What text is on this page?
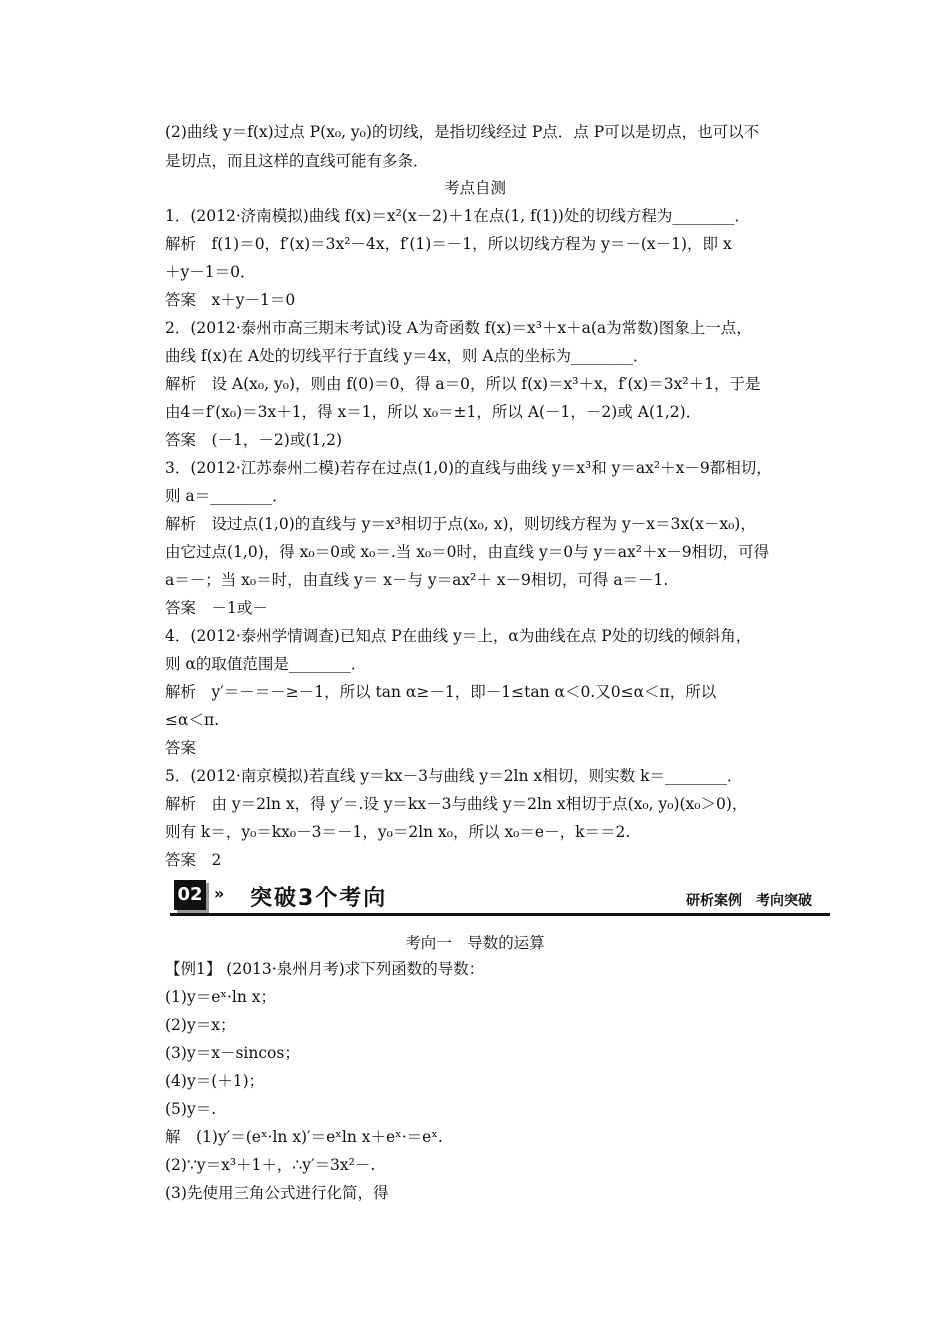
(2)曲线 y＝f(x)过点 P(x₀, y₀)的切线，是指切线经过 P点．点 P可以是切点，也可以不
是切点，而且这样的直线可能有多条．
考点自测
1．(2012·济南模拟)曲线 f(x)＝x²(x－2)＋1在点(1, f(1))处的切线方程为________．
解析　f(1)＝0，f′(x)＝3x²－4x，f′(1)＝－1，所以切线方程为 y＝－(x－1)，即 x
＋y－1＝0．
答案　x＋y－1＝0
2．(2012·泰州市高三期末考试)设 A为奇函数 f(x)＝x³＋x＋a(a为常数)图象上一点，
曲线 f(x)在 A处的切线平行于直线 y＝4x，则 A点的坐标为________．
解析　设 A(x₀, y₀)，则由 f(0)＝0，得 a＝0，所以 f(x)＝x³＋x，f′(x)＝3x²＋1，于是
由4＝f′(x₀)＝3x＋1，得 x＝1，所以 x₀＝±1，所以 A(－1，－2)或 A(1,2)．
答案　(－1，－2)或(1,2)
3．(2012·江苏泰州二模)若存在过点(1,0)的直线与曲线 y＝x³和 y＝ax²＋x－9都相切，
则 a＝________．
解析　设过点(1,0)的直线与 y＝x³相切于点(x₀, x)，则切线方程为 y－x＝3x(x－x₀)，
由它过点(1,0)，得 x₀＝0或 x₀＝.当 x₀＝0时，由直线 y＝0与 y＝ax²＋x－9相切，可得
a＝－；当 x₀＝时，由直线 y＝ x－与 y＝ax²＋ x－9相切，可得 a＝－1.
答案　－1或－
4．(2012·泰州学情调查)已知点 P在曲线 y＝上，α为曲线在点 P处的切线的倾斜角，
则 α的取值范围是________．
解析　y′＝－＝－≥－1，所以 tan α≥－1，即－1≤tan α＜0.又0≤α＜π，所以
≤α＜π.
答案
5．(2012·南京模拟)若直线 y＝kx－3与曲线 y＝2ln x相切，则实数 k＝________．
解析　由 y＝2ln x，得 y′＝.设 y＝kx－3与曲线 y＝2ln x相切于点(x₀, y₀)(x₀＞0)，
则有 k＝，y₀＝kx₀－3＝－1，y₀＝2ln x₀，所以 x₀＝e－，k＝＝2.
答案　2
02 » 突破3个考向	研析案例　考向突破
考向一　导数的运算
【例1】 (2013·泉州月考)求下列函数的导数：
(1)y＝eˣ·ln x；
(2)y＝x；
(3)y＝x－sincos；
(4)y＝(＋1)；
(5)y＝.
解　(1)y′＝(eˣ·ln x)′＝eˣln x＋eˣ·＝eˣ.
(2)∵y＝x³＋1＋，∴y′＝3x²－.
(3)先使用三角公式进行化简，得
